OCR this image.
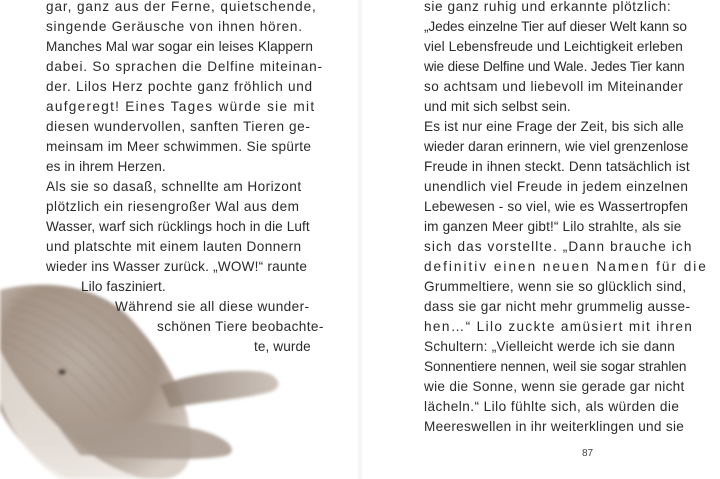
gar, ganz aus der Ferne, quietschende,
singende Geräusche von ihnen hören.
Manches Mal war sogar ein leises Klappern
dabei. So sprachen die Delfine miteinan-
der. Lilos Herz pochte ganz fröhlich und
aufgeregt! Eines Tages würde sie mit
diesen wundervollen, sanften Tieren ge-
meinsam im Meer schwimmen. Sie spürte
es in ihrem Herzen.
Als sie so dasaß, schnellte am Horizont
plötzlich ein riesengroßer Wal aus dem
Wasser, warf sich rücklings hoch in die Luft
und platschte mit einem lauten Donnern
wieder ins Wasser zurück. „WOW!“ raunte
Lilo fasziniert.
Während sie all diese wunder-
schönen Tiere beobachte-
te, wurde
sie ganz ruhig und erkannte plötzlich:
„Jedes einzelne Tier auf dieser Welt kann so
viel Lebensfreude und Leichtigkeit erleben
wie diese Delfine und Wale. Jedes Tier kann
so achtsam und liebevoll im Miteinander
und mit sich selbst sein.
Es ist nur eine Frage der Zeit, bis sich alle
wieder daran erinnern, wie viel grenzenlose
Freude in ihnen steckt. Denn tatsächlich ist
unendlich viel Freude in jedem einzelnen
Lebewesen - so viel, wie es Wassertropfen
im ganzen Meer gibt!“ Lilo strahlte, als sie
sich das vorstellte. „Dann brauche ich
definitiv einen neuen Namen für die
Grummeltiere, wenn sie so glücklich sind,
dass sie gar nicht mehr grummelig ausse-
hen…“ Lilo zuckte amüsiert mit ihren
Schultern: „Vielleicht werde ich sie dann
Sonnentiere nennen, weil sie sogar strahlen
wie die Sonne, wenn sie gerade gar nicht
lächeln.“ Lilo fühlte sich, als würden die
Meereswellen in ihr weiterklingen und sie
87
